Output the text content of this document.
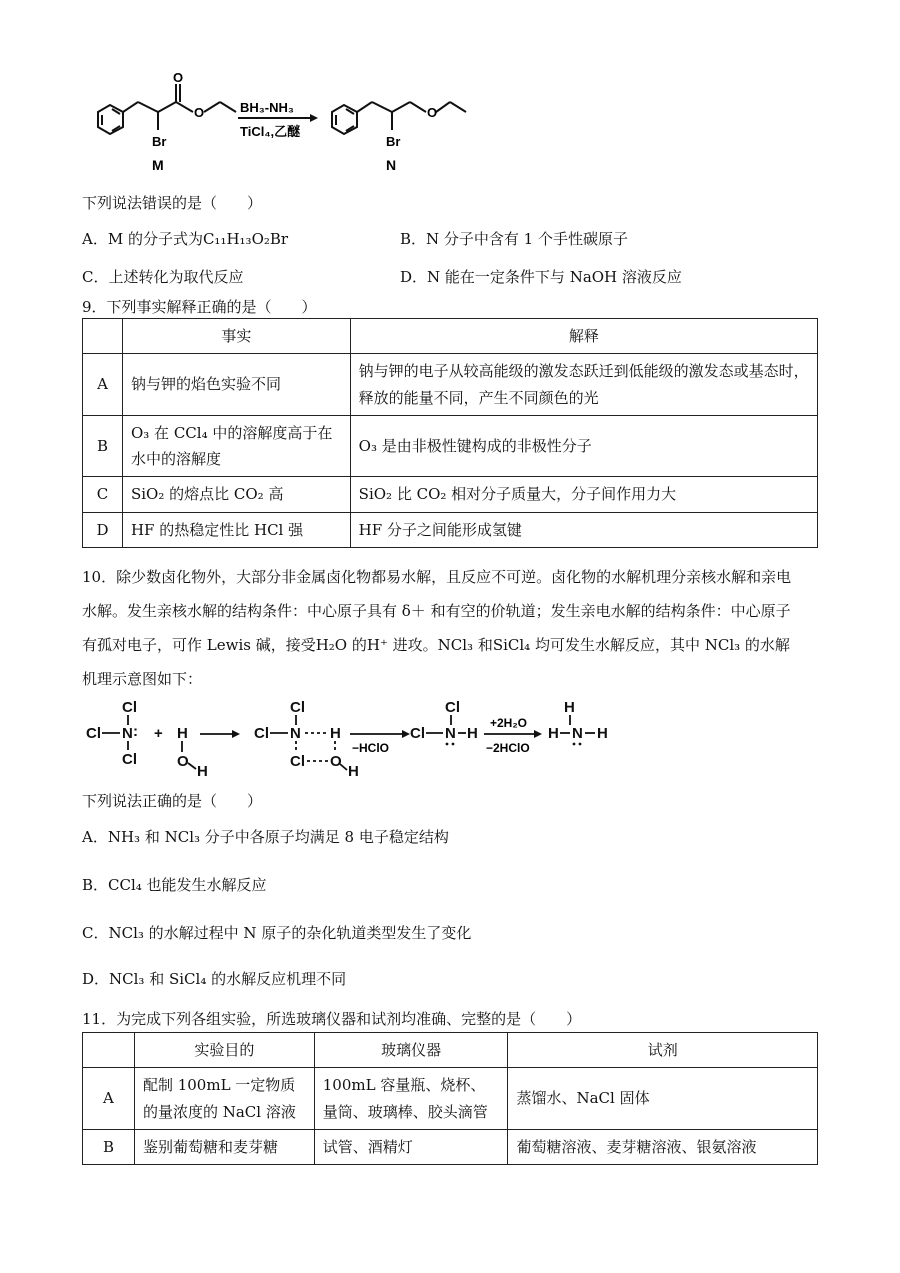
O
O
Br
M
BH₃-NH₃
TiCl₄,乙醚
O
Br
N
下列说法错误的是（　　）
A．M 的分子式为C₁₁H₁₃O₂Br	B．N 分子中含有 1 个手性碳原子
C．上述转化为取代反应	D．N 能在一定条件下与 NaOH 溶液反应
9．下列事实解释正确的是（　　）
	事实	解释
A	钠与钾的焰色实验不同	钠与钾的电子从较高能级的激发态跃迁到低能级的激发态或基态时，释放的能量不同，产生不同颜色的光
B	O₃ 在 CCl₄ 中的溶解度高于在水中的溶解度	O₃ 是由非极性键构成的非极性分子
C	SiO₂ 的熔点比 CO₂ 高	SiO₂ 比 CO₂ 相对分子质量大，分子间作用力大
D	HF 的热稳定性比 HCl 强	HF 分子之间能形成氢键
10．除少数卤化物外，大部分非金属卤化物都易水解，且反应不可逆。卤化物的水解机理分亲核水解和亲电
水解。发生亲核水解的结构条件：中心原子具有 δ＋ 和有空的价轨道；发生亲电水解的结构条件：中心原子
有孤对电子，可作 Lewis 碱，接受H₂O 的H⁺ 进攻。NCl₃ 和SiCl₄ 均可发生水解反应，其中 NCl₃ 的水解
机理示意图如下：
Cl
Cl N :
Cl
+ H
O
H
Cl
Cl N H
Cl O
H
Cl
Cl N H
H
H N H
−HClO
+2H₂O
−2HClO
下列说法正确的是（　　）
A．NH₃ 和 NCl₃ 分子中各原子均满足 8 电子稳定结构
B．CCl₄ 也能发生水解反应
C．NCl₃ 的水解过程中 N 原子的杂化轨道类型发生了变化
D．NCl₃ 和 SiCl₄ 的水解反应机理不同
11．为完成下列各组实验，所选玻璃仪器和试剂均准确、完整的是（　　）
	实验目的	玻璃仪器	试剂
A	配制 100mL 一定物质的量浓度的 NaCl 溶液	100mL 容量瓶、烧杯、量筒、玻璃棒、胶头滴管	蒸馏水、NaCl 固体
B	鉴别葡萄糖和麦芽糖	试管、酒精灯	葡萄糖溶液、麦芽糖溶液、银氨溶液
